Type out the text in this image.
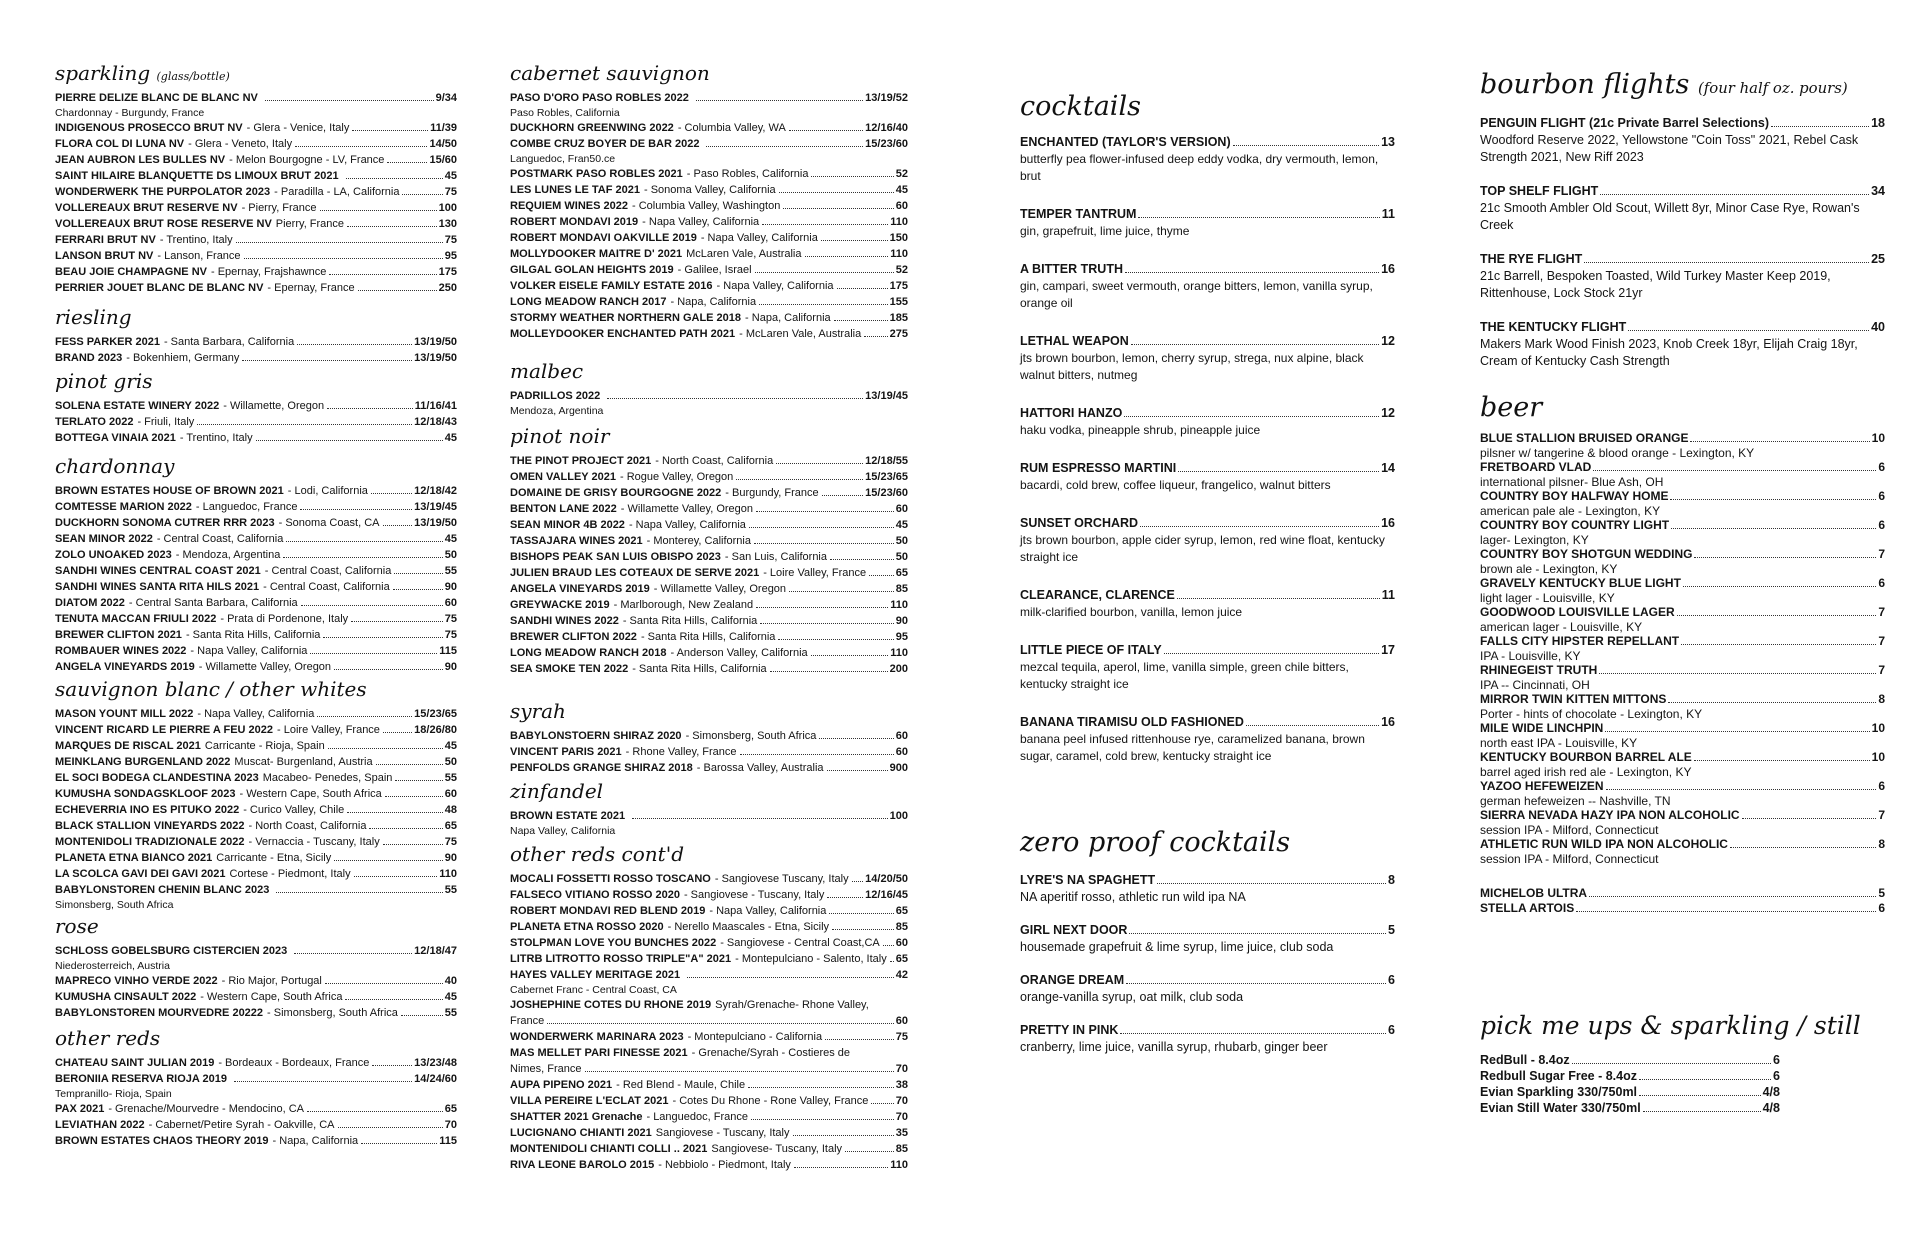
sparkling (glass/bottle)
PIERRE DELIZE BLANC DE BLANC NV	9/34
Chardonnay - Burgundy, France
INDIGENOUS PROSECCO BRUT NV - Glera - Venice, Italy	11/39
FLORA COL DI LUNA NV - Glera - Veneto, Italy	14/50
JEAN AUBRON LES BULLES NV - Melon Bourgogne - LV, France	15/60
SAINT HILAIRE BLANQUETTE DS LIMOUX BRUT 2021	45
WONDERWERK THE PURPOLATOR 2023 - Paradilla - LA, California	75
VOLLEREAUX BRUT RESERVE NV - Pierry, France	100
VOLLEREAUX BRUT ROSE RESERVE NV Pierry, France	130
FERRARI BRUT NV - Trentino, Italy	75
LANSON BRUT NV - Lanson, France	95
BEAU JOIE CHAMPAGNE NV - Epernay, Frajshawnce	175
PERRIER JOUET BLANC DE BLANC NV - Epernay, France	250
riesling
FESS PARKER 2021 - Santa Barbara, California	13/19/50
BRAND 2023 - Bokenhiem, Germany	13/19/50
pinot gris
SOLENA ESTATE WINERY 2022 - Willamette, Oregon	11/16/41
TERLATO 2022 - Friuli, Italy	12/18/43
BOTTEGA VINAIA 2021 - Trentino, Italy	45
chardonnay
BROWN ESTATES HOUSE OF BROWN 2021 - Lodi, California	12/18/42
COMTESSE MARION 2022 - Languedoc, France	13/19/45
DUCKHORN SONOMA CUTRER RRR 2023 - Sonoma Coast, CA	13/19/50
SEAN MINOR 2022 - Central Coast, California	45
ZOLO UNOAKED 2023 - Mendoza, Argentina	50
SANDHI WINES CENTRAL COAST 2021 - Central Coast, California	55
SANDHI WINES SANTA RITA HILS 2021 - Central Coast, California	90
DIATOM 2022 - Central Santa Barbara, California	60
TENUTA MACCAN FRIULI 2022 - Prata di Pordenone, Italy	75
BREWER CLIFTON 2021 - Santa Rita Hills, California	75
ROMBAUER WINES 2022 - Napa Valley, California	115
ANGELA VINEYARDS 2019 - Willamette Valley, Oregon	90
sauvignon blanc / other whites
MASON YOUNT MILL 2022 - Napa Valley, California	15/23/65
VINCENT RICARD LE PIERRE A FEU 2022 - Loire Valley, France	18/26/80
MARQUES DE RISCAL 2021 Carricante - Rioja, Spain	45
MEINKLANG BURGENLAND 2022 Muscat- Burgenland, Austria	50
EL SOCI BODEGA CLANDESTINA 2023 Macabeo- Penedes, Spain	55
KUMUSHA SONDAGSKLOOF 2023 - Western Cape, South Africa	60
ECHEVERRIA INO ES PITUKO 2022 - Curico Valley, Chile	48
BLACK STALLION VINEYARDS 2022 - North Coast, California	65
MONTENIDOLI TRADIZIONALE 2022 - Vernaccia - Tuscany, Italy	75
PLANETA ETNA BIANCO 2021 Carricante - Etna, Sicily	90
LA SCOLCA GAVI DEI GAVI 2021 Cortese - Piedmont, Italy	110
BABYLONSTOREN CHENIN BLANC 2023	55
Simonsberg, South Africa
rose
SCHLOSS GOBELSBURG CISTERCIEN 2023	12/18/47
Niederosterreich, Austria
MAPRECO VINHO VERDE 2022 - Rio Major, Portugal	40
KUMUSHA CINSAULT 2022 - Western Cape, South Africa	45
BABYLONSTOREN MOURVEDRE 20222 - Simonsberg, South Africa	55
other reds
CHATEAU SAINT JULIAN 2019 - Bordeaux - Bordeaux, France	13/23/48
BERONIIA RESERVA RIOJA 2019	14/24/60
Tempranillo- Rioja, Spain
PAX 2021 - Grenache/Mourvedre - Mendocino, CA	65
LEVIATHAN 2022 - Cabernet/Petire Syrah - Oakville, CA	70
BROWN ESTATES CHAOS THEORY 2019 - Napa, California	115
cabernet sauvignon
PASO D'ORO PASO ROBLES 2022	13/19/52
Paso Robles, California
DUCKHORN GREENWING 2022 - Columbia Valley, WA	12/16/40
COMBE CRUZ BOYER DE BAR 2022	15/23/60
Languedoc, Fran50.ce
POSTMARK PASO ROBLES 2021 - Paso Robles, California	52
LES LUNES LE TAF 2021 - Sonoma Valley, California	45
REQUIEM WINES 2022 - Columbia Valley, Washington	60
ROBERT MONDAVI 2019 - Napa Valley, California	110
ROBERT MONDAVI OAKVILLE 2019 - Napa Valley, California	150
MOLLYDOOKER MAITRE D' 2021 McLaren Vale, Australia	110
GILGAL GOLAN HEIGHTS 2019 - Galilee, Israel	52
VOLKER EISELE FAMILY ESTATE 2016 - Napa Valley, California	175
LONG MEADOW RANCH 2017 - Napa, California	155
STORMY WEATHER NORTHERN GALE 2018 - Napa, California	185
MOLLEYDOOKER ENCHANTED PATH 2021 - McLaren Vale, Australia	275
malbec
PADRILLOS 2022	13/19/45
Mendoza, Argentina
pinot noir
THE PINOT PROJECT 2021 - North Coast, California	12/18/55
OMEN VALLEY 2021 - Rogue Valley, Oregon	15/23/65
DOMAINE DE GRISY BOURGOGNE 2022 - Burgundy, France	15/23/60
BENTON LANE 2022 - Willamette Valley, Oregon	60
SEAN MINOR 4B 2022 - Napa Valley, California	45
TASSAJARA WINES 2021 - Monterey, California	50
BISHOPS PEAK SAN LUIS OBISPO 2023 - San Luis, California	50
JULIEN BRAUD LES COTEAUX DE SERVE 2021 - Loire Valley, France	65
ANGELA VINEYARDS 2019 - Willamette Valley, Oregon	85
GREYWACKE 2019 - Marlborough, New Zealand	110
SANDHI WINES 2022 - Santa Rita Hills, California	90
BREWER CLIFTON 2022 - Santa Rita Hills, California	95
LONG MEADOW RANCH 2018 - Anderson Valley, California	110
SEA SMOKE TEN 2022 - Santa Rita Hills, California	200
syrah
BABYLONSTOERN SHIRAZ 2020 - Simonsberg, South Africa	60
VINCENT PARIS 2021 - Rhone Valley, France	60
PENFOLDS GRANGE SHIRAZ 2018 - Barossa Valley, Australia	900
zinfandel
BROWN ESTATE 2021	100
Napa Valley, California
other reds cont'd
MOCALI FOSSETTI ROSSO TOSCANO - Sangiovese Tuscany, Italy 14/20/50
FALSECO VITIANO ROSSO 2020 - Sangiovese - Tuscany, Italy	12/16/45
ROBERT MONDAVI RED BLEND 2019 - Napa Valley, California	65
PLANETA ETNA ROSSO 2020 - Nerello Maascales - Etna, Sicily	85
STOLPMAN LOVE YOU BUNCHES 2022 - Sangiovese - Central Coast,CA 60
LITRB LITROTTO ROSSO TRIPLE"A" 2021 - Montepulciano - Salento, Italy 65
HAYES VALLEY MERITAGE 2021	42
Cabernet Franc - Central Coast, CA
JOSHEPHINE COTES DU RHONE 2019 Syrah/Grenache- Rhone Valley,
France	60
WONDERWERK MARINARA 2023 - Montepulciano - California	75
MAS MELLET PARI FINESSE 2021 - Grenache/Syrah - Costieres de
Nimes, France	70
AUPA PIPENO 2021 - Red Blend - Maule, Chile	38
VILLA PEREIRE L'ECLAT 2021 - Cotes Du Rhone - Rone Valley, France 70
SHATTER 2021 Grenache - Languedoc, France	70
LUCIGNANO CHIANTI 2021 Sangiovese - Tuscany, Italy	35
MONTENIDOLI CHIANTI COLLI .. 2021 Sangiovese- Tuscany, Italy	85
RIVA LEONE BAROLO 2015 - Nebbiolo - Piedmont, Italy	110
cocktails
ENCHANTED (TAYLOR'S VERSION)	13
butterfly pea flower-infused deep eddy vodka, dry vermouth, lemon, brut
TEMPER TANTRUM	11
gin, grapefruit, lime juice, thyme
A BITTER TRUTH	16
gin, campari, sweet vermouth, orange bitters, lemon, vanilla syrup, orange oil
LETHAL WEAPON	12
jts brown bourbon, lemon, cherry syrup, strega, nux alpine, black walnut bitters, nutmeg
HATTORI HANZO	12
haku vodka, pineapple shrub, pineapple juice
RUM ESPRESSO MARTINI	14
bacardi, cold brew, coffee liqueur, frangelico, walnut bitters
SUNSET ORCHARD	16
jts brown bourbon, apple cider syrup, lemon, red wine float, kentucky straight ice
CLEARANCE, CLARENCE	11
milk-clarified bourbon, vanilla, lemon juice
LITTLE PIECE OF ITALY	17
mezcal tequila, aperol, lime, vanilla simple, green chile bitters, kentucky straight ice
BANANA TIRAMISU OLD FASHIONED	16
banana peel infused rittenhouse rye, caramelized banana, brown sugar, caramel, cold brew, kentucky straight ice
zero proof cocktails
LYRE'S NA SPAGHETT	8
NA aperitif rosso, athletic run wild ipa NA
GIRL NEXT DOOR	5
housemade grapefruit & lime syrup, lime juice, club soda
ORANGE DREAM	6
orange-vanilla syrup, oat milk, club soda
PRETTY IN PINK	6
cranberry, lime juice, vanilla syrup, rhubarb, ginger beer
bourbon flights (four half oz. pours)
PENGUIN FLIGHT (21c Private Barrel Selections)	18
Woodford Reserve 2022, Yellowstone "Coin Toss" 2021, Rebel Cask Strength 2021, New Riff 2023
TOP SHELF FLIGHT	34
21c Smooth Ambler Old Scout, Willett 8yr, Minor Case Rye, Rowan's Creek
THE RYE FLIGHT	25
21c Barrell, Bespoken Toasted, Wild Turkey Master Keep 2019, Rittenhouse, Lock Stock 21yr
THE KENTUCKY FLIGHT	40
Makers Mark Wood Finish 2023, Knob Creek 18yr, Elijah Craig 18yr, Cream of Kentucky Cash Strength
beer
BLUE STALLION BRUISED ORANGE	10
pilsner w/ tangerine & blood orange - Lexington, KY
FRETBOARD VLAD	6
international pilsner- Blue Ash, OH
COUNTRY BOY HALFWAY HOME	6
american pale ale - Lexington, KY
COUNTRY BOY COUNTRY LIGHT	6
lager- Lexington, KY
COUNTRY BOY SHOTGUN WEDDING	7
brown ale - Lexington, KY
GRAVELY KENTUCKY BLUE LIGHT	6
light lager - Louisville, KY
GOODWOOD LOUISVILLE LAGER	7
american lager - Louisville, KY
FALLS CITY HIPSTER REPELLANT	7
IPA - Louisville, KY
RHINEGEIST TRUTH	7
IPA -- Cincinnati, OH
MIRROR TWIN KITTEN MITTONS	8
Porter - hints of chocolate - Lexington, KY
MILE WIDE LINCHPIN	10
north east IPA - Louisville, KY
KENTUCKY BOURBON BARREL ALE	10
barrel aged irish red ale - Lexington, KY
YAZOO HEFEWEIZEN	6
german hefeweizen -- Nashville, TN
SIERRA NEVADA HAZY IPA NON ALCOHOLIC	7
session IPA - Milford, Connecticut
ATHLETIC RUN WILD IPA NON ALCOHOLIC	8
session IPA - Milford, Connecticut
MICHELOB ULTRA	5
STELLA ARTOIS	6
pick me ups & sparkling / still
RedBull - 8.4oz	6
Redbull Sugar Free - 8.4oz	6
Evian Sparkling 330/750ml	4/8
Evian Still Water 330/750ml	4/8
